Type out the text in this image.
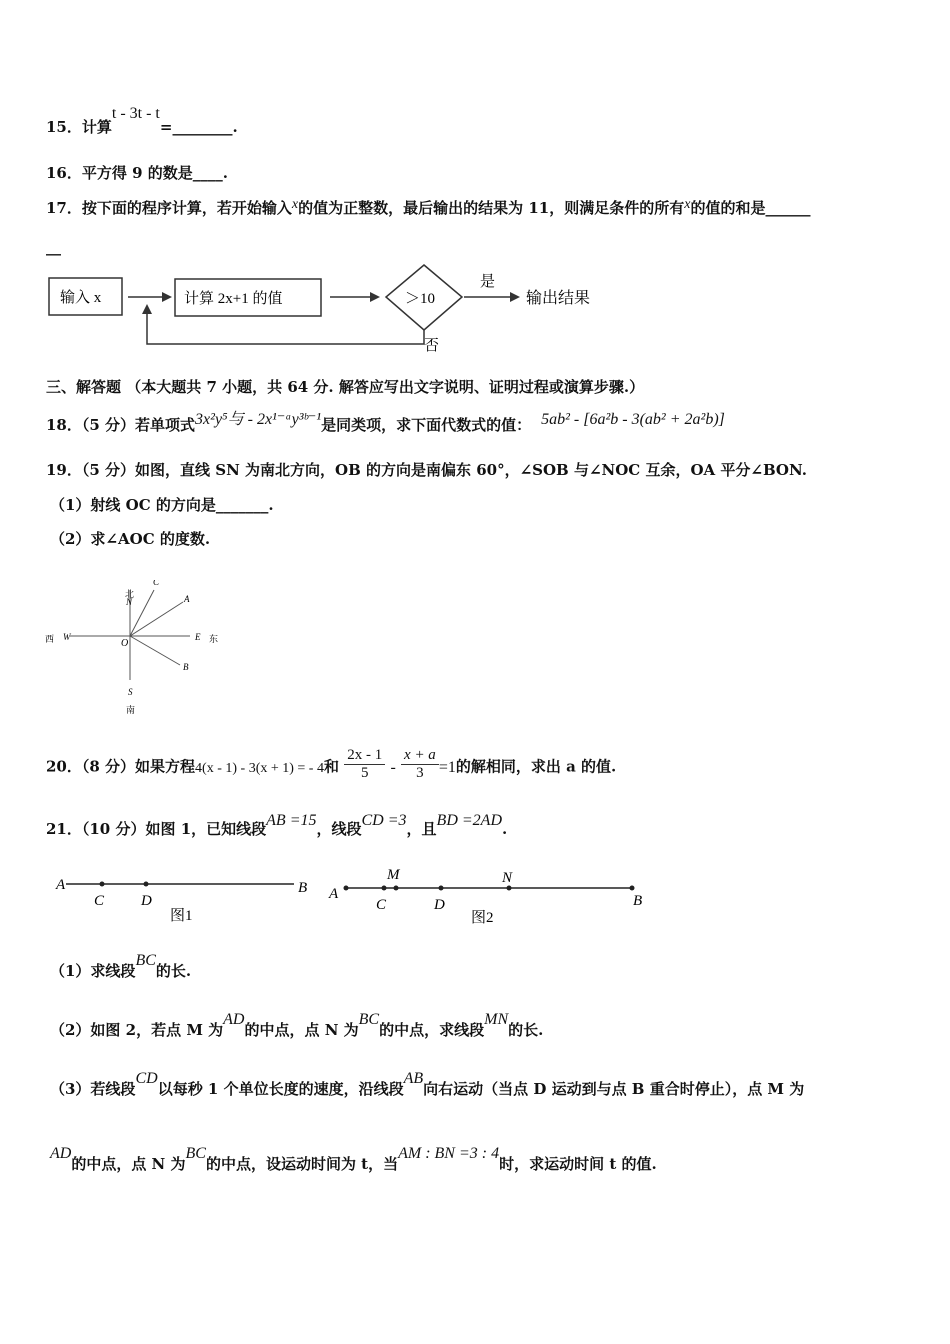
15．计算t - 3t - t=________.
16．平方得 9 的数是____.
17．按下面的程序计算，若开始输入x的值为正整数，最后输出的结果为 11，则满足条件的所有x的值的和是______
__
输入 x	计算 2x+1 的值	＞10
是
输出结果
否
三、解答题 （本大题共 7 小题，共 64 分. 解答应写出文字说明、证明过程或演算步骤.）
18．（5 分）若单项式3x²y⁵与 - 2x¹⁻ᵃy³ᵇ⁻¹是同类项，求下面代数式的值： 5ab² - [6a²b - 3(ab² + 2a²b)]
19．（5 分）如图，直线 SN 为南北方向，OB 的方向是南偏东 60°，∠SOB 与∠NOC 互余，OA 平分∠BON.
（1）射线 OC 的方向是_______.
（2）求∠AOC 的度数.
北
N
C
A
西 W
O
E 东
B
S
南
20．（8 分）如果方程4(x - 1) - 3(x + 1) = - 4和 $\frac{2x - 1}{5} - \frac{x + a}{3} =1$的解相同，求出 a 的值.
21．（10 分）如图 1，已知线段AB =15，线段CD =3，且BD =2AD.
A
C D
B
图1
A
M
C	D
N
B
图2
（1）求线段BC的长.
（2）如图 2，若点 M 为AD的中点，点 N 为BC的中点，求线段MN的长.
（3）若线段CD以每秒 1 个单位长度的速度，沿线段AB向右运动（当点 D 运动到与点 B 重合时停止），点 M 为
AD的中点，点 N 为BC的中点，设运动时间为 t，当AM : BN =3 : 4时，求运动时间 t 的值.
